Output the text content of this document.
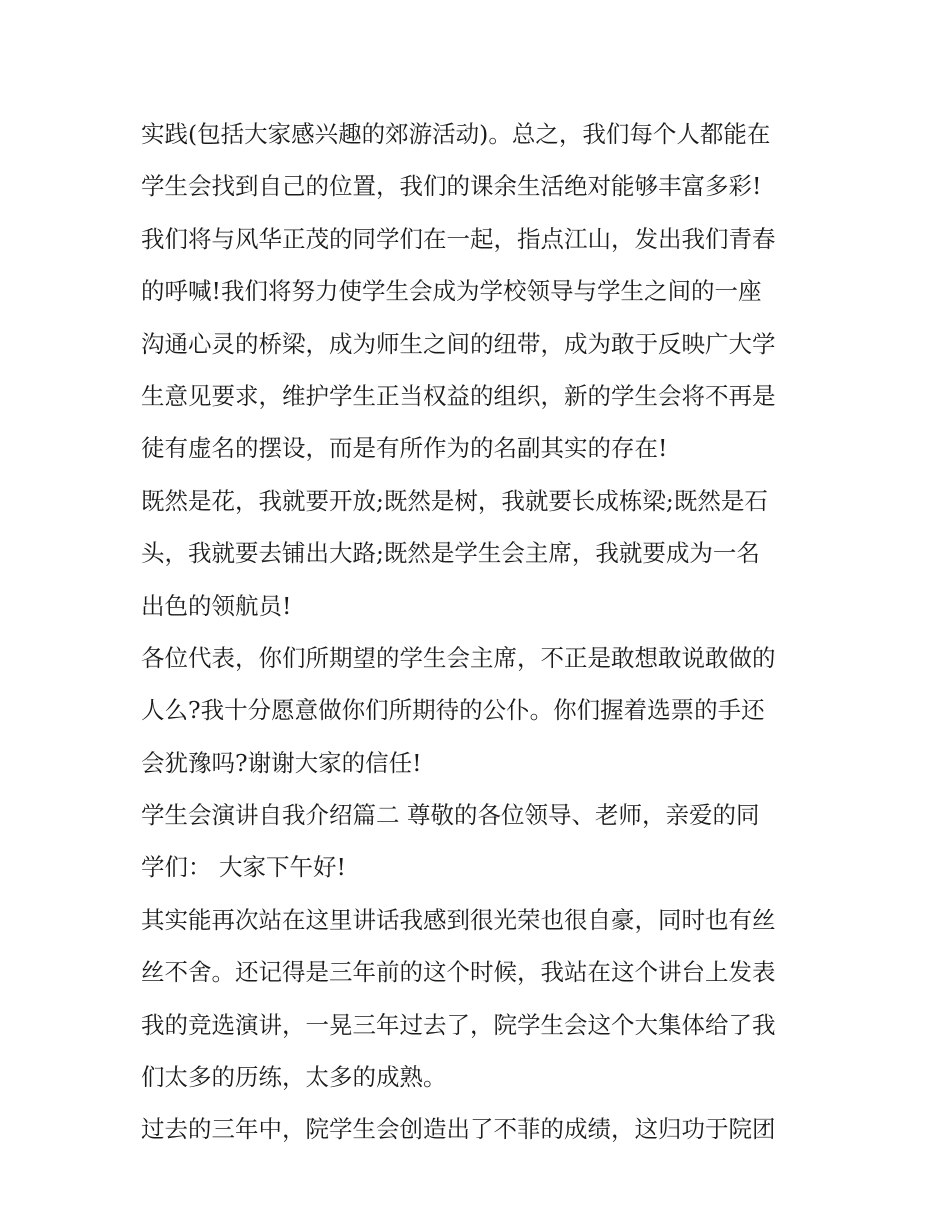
实践(包括大家感兴趣的郊游活动)。总之，我们每个人都能在
学生会找到自己的位置，我们的课余生活绝对能够丰富多彩!
我们将与风华正茂的同学们在一起，指点江山，发出我们青春
的呼喊!我们将努力使学生会成为学校领导与学生之间的一座
沟通心灵的桥梁，成为师生之间的纽带，成为敢于反映广大学
生意见要求，维护学生正当权益的组织，新的学生会将不再是
徒有虚名的摆设，而是有所作为的名副其实的存在!
既然是花，我就要开放;既然是树，我就要长成栋梁;既然是石
头，我就要去铺出大路;既然是学生会主席，我就要成为一名
出色的领航员!
各位代表，你们所期望的学生会主席，不正是敢想敢说敢做的
人么?我十分愿意做你们所期待的公仆。你们握着选票的手还
会犹豫吗?谢谢大家的信任!
学生会演讲自我介绍篇二 尊敬的各位领导、老师，亲爱的同
学们： 大家下午好!
其实能再次站在这里讲话我感到很光荣也很自豪，同时也有丝
丝不舍。还记得是三年前的这个时候，我站在这个讲台上发表
我的竞选演讲，一晃三年过去了，院学生会这个大集体给了我
们太多的历练，太多的成熟。
过去的三年中，院学生会创造出了不菲的成绩，这归功于院团
